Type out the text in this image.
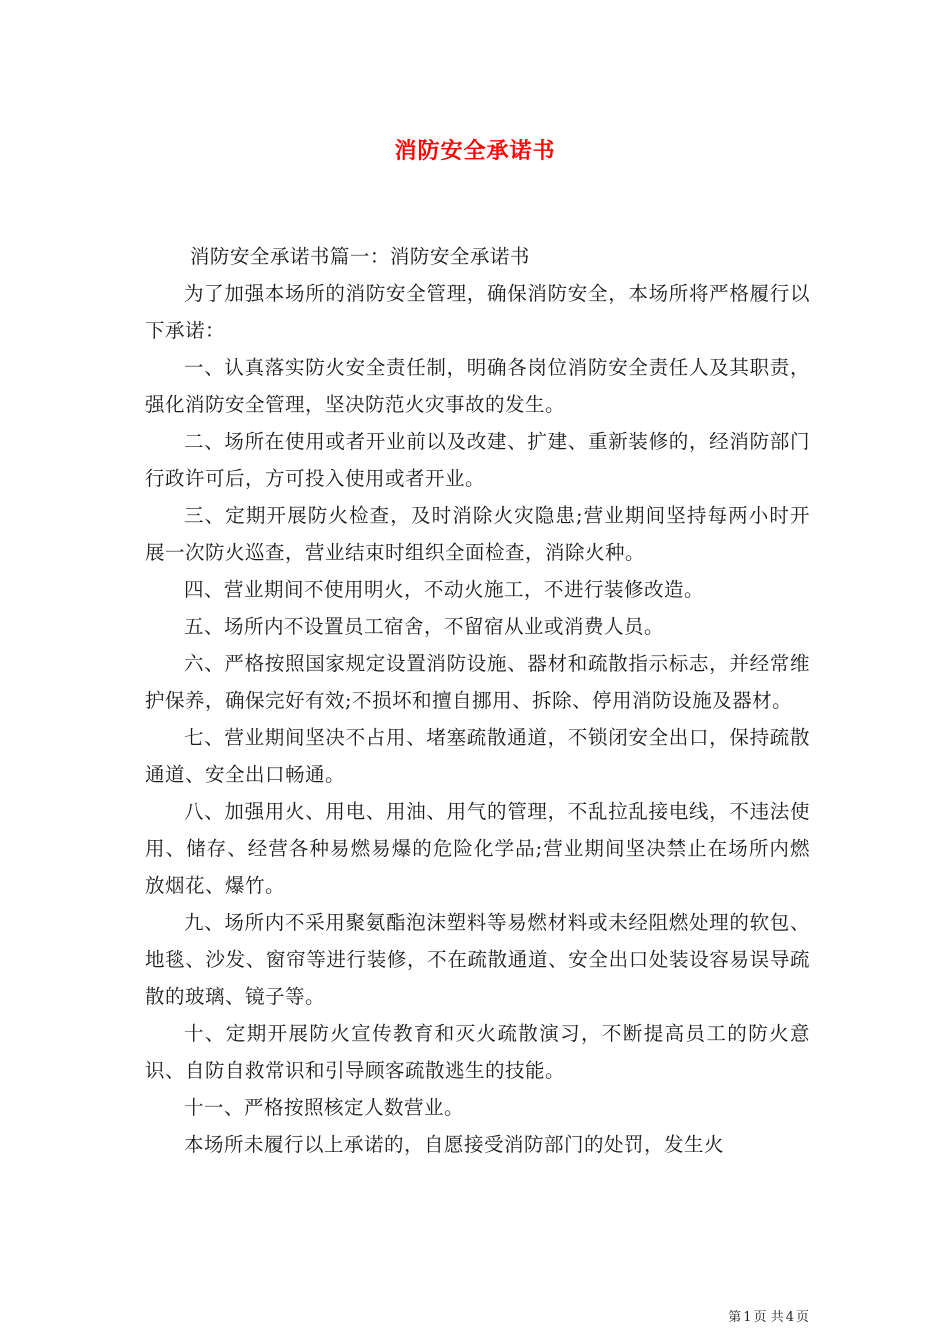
消防安全承诺书

消防安全承诺书篇一：消防安全承诺书

为了加强本场所的消防安全管理，确保消防安全，本场所将严格履行以下承诺：

一、认真落实防火安全责任制，明确各岗位消防安全责任人及其职责，强化消防安全管理，坚决防范火灾事故的发生。

二、场所在使用或者开业前以及改建、扩建、重新装修的，经消防部门行政许可后，方可投入使用或者开业。

三、定期开展防火检查，及时消除火灾隐患;营业期间坚持每两小时开展一次防火巡查，营业结束时组织全面检查，消除火种。

四、营业期间不使用明火，不动火施工，不进行装修改造。

五、场所内不设置员工宿舍，不留宿从业或消费人员。

六、严格按照国家规定设置消防设施、器材和疏散指示标志，并经常维护保养，确保完好有效;不损坏和擅自挪用、拆除、停用消防设施及器材。

七、营业期间坚决不占用、堵塞疏散通道，不锁闭安全出口，保持疏散通道、安全出口畅通。

八、加强用火、用电、用油、用气的管理，不乱拉乱接电线，不违法使用、储存、经营各种易燃易爆的危险化学品;营业期间坚决禁止在场所内燃放烟花、爆竹。

九、场所内不采用聚氨酯泡沫塑料等易燃材料或未经阻燃处理的软包、地毯、沙发、窗帘等进行装修，不在疏散通道、安全出口处装设容易误导疏散的玻璃、镜子等。

十、定期开展防火宣传教育和灭火疏散演习，不断提高员工的防火意识、自防自救常识和引导顾客疏散逃生的技能。

十一、严格按照核定人数营业。

本场所未履行以上承诺的，自愿接受消防部门的处罚，发生火

第 1 页 共 4 页
